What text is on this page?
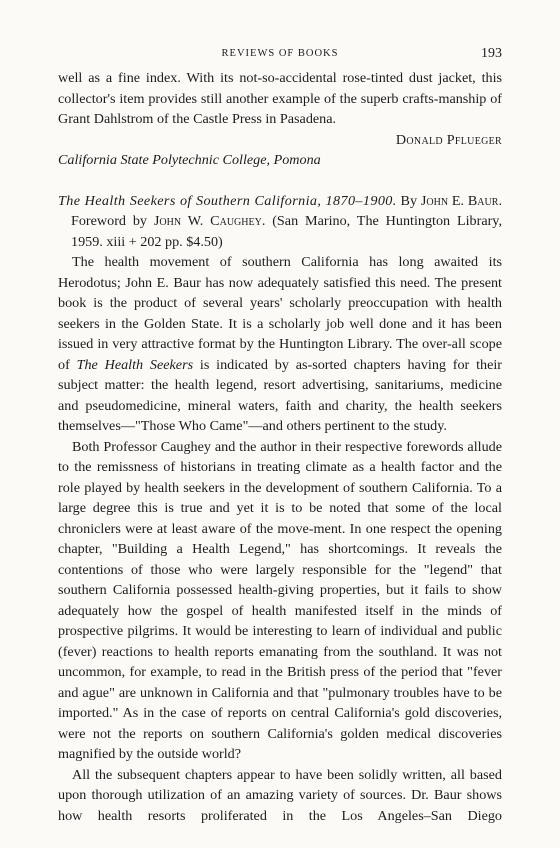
REVIEWS OF BOOKS	193

well as a fine index. With its not-so-accidental rose-tinted dust jacket, this collector's item provides still another example of the superb crafts-manship of Grant Dahlstrom of the Castle Press in Pasadena.

Donald Pflueger

California State Polytechnic College, Pomona

The Health Seekers of Southern California, 1870–1900. By John E. Baur. Foreword by John W. Caughey. (San Marino, The Huntington Library, 1959. xiii + 202 pp. $4.50)

The health movement of southern California has long awaited its Herodotus; John E. Baur has now adequately satisfied this need. The present book is the product of several years' scholarly preoccupation with health seekers in the Golden State. It is a scholarly job well done and it has been issued in very attractive format by the Huntington Library. The over-all scope of The Health Seekers is indicated by as-sorted chapters having for their subject matter: the health legend, resort advertising, sanitariums, medicine and pseudomedicine, mineral waters, faith and charity, the health seekers themselves—"Those Who Came"—and others pertinent to the study.

Both Professor Caughey and the author in their respective forewords allude to the remissness of historians in treating climate as a health factor and the role played by health seekers in the development of southern California. To a large degree this is true and yet it is to be noted that some of the local chroniclers were at least aware of the move-ment. In one respect the opening chapter, "Building a Health Legend," has shortcomings. It reveals the contentions of those who were largely responsible for the "legend" that southern California possessed health-giving properties, but it fails to show adequately how the gospel of health manifested itself in the minds of prospective pilgrims. It would be interesting to learn of individual and public (fever) reactions to health reports emanating from the southland. It was not uncommon, for example, to read in the British press of the period that "fever and ague" are unknown in California and that "pulmonary troubles have to be imported." As in the case of reports on central California's gold discoveries, were not the reports on southern California's golden medical discoveries magnified by the outside world?

All the subsequent chapters appear to have been solidly written, all based upon thorough utilization of an amazing variety of sources. Dr. Baur shows how health resorts proliferated in the Los Angeles–San Diego
